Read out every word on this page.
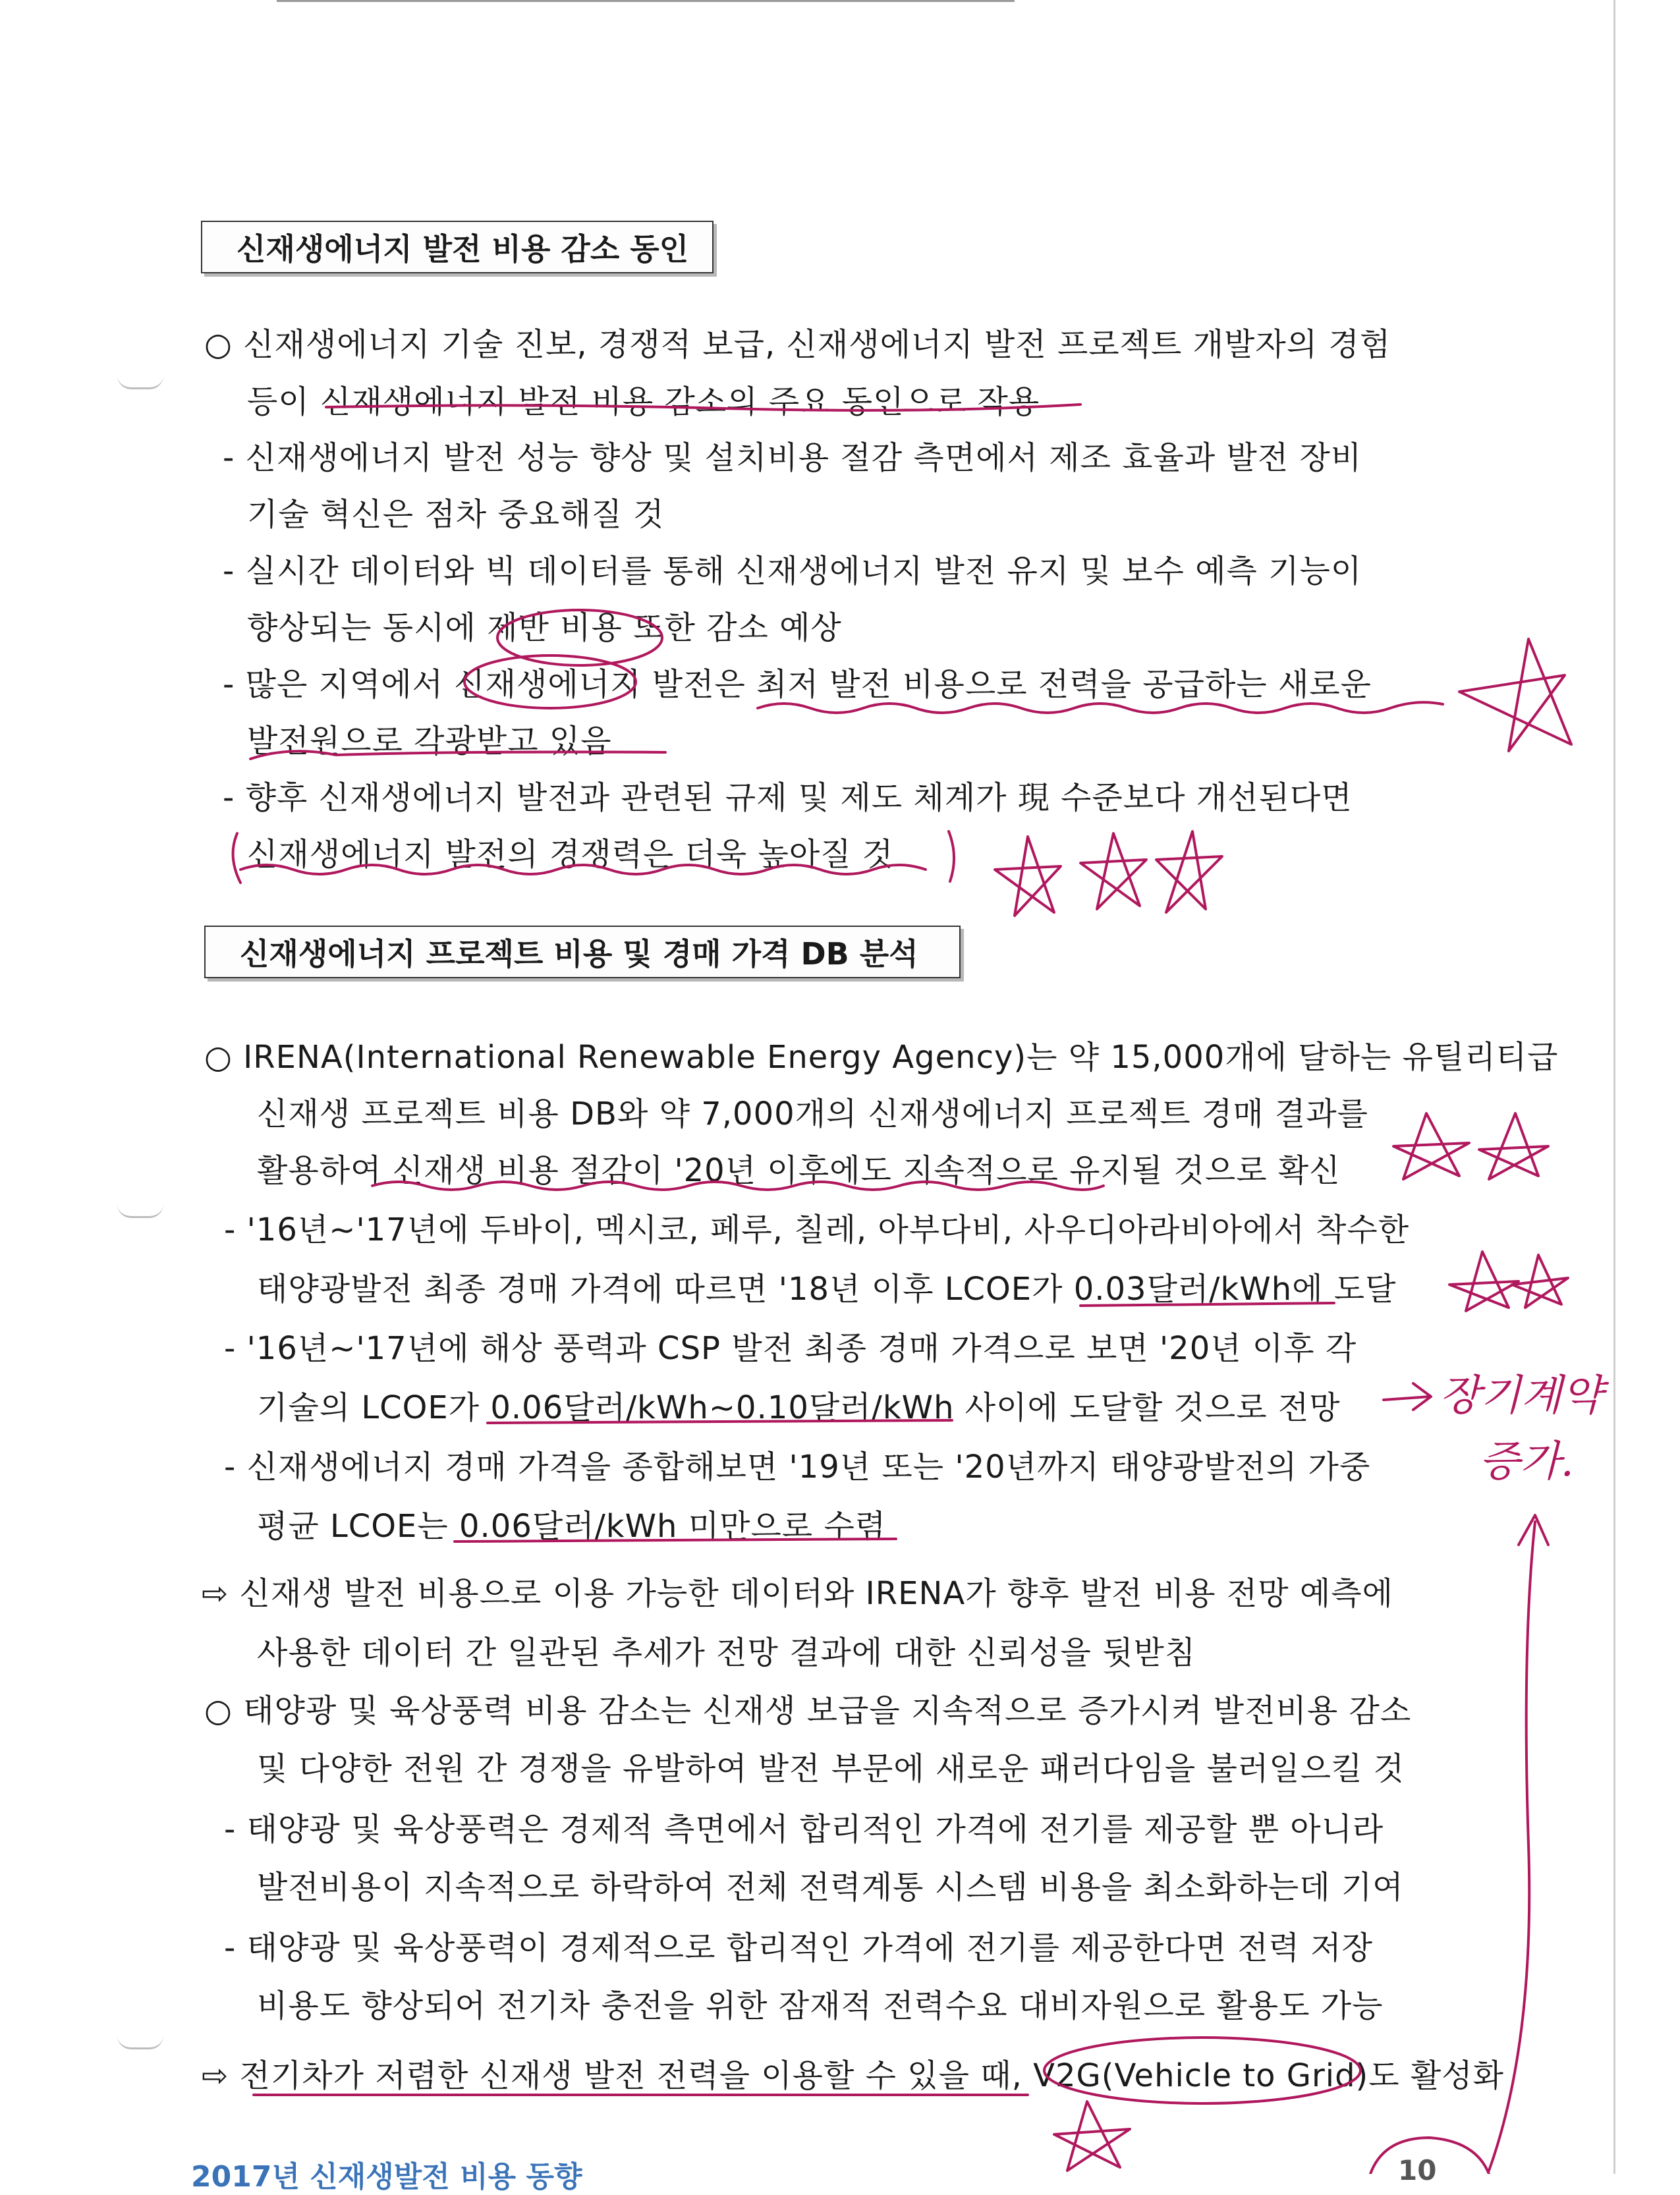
신재생에너지 발전 비용 감소 동인
○ 신재생에너지 기술 진보, 경쟁적 보급, 신재생에너지 발전 프로젝트 개발자의 경험
등이 신재생에너지 발전 비용 감소의 주요 동인으로 작용
- 신재생에너지 발전 성능 향상 및 설치비용 절감 측면에서 제조 효율과 발전 장비
기술 혁신은 점차 중요해질 것
- 실시간 데이터와 빅 데이터를 통해 신재생에너지 발전 유지 및 보수 예측 기능이
향상되는 동시에 제반 비용 또한 감소 예상
- 많은 지역에서 신재생에너지 발전은 최저 발전 비용으로 전력을 공급하는 새로운
발전원으로 각광받고 있음
- 향후 신재생에너지 발전과 관련된 규제 및 제도 체계가 現 수준보다 개선된다면
신재생에너지 발전의 경쟁력은 더욱 높아질 것
신재생에너지 프로젝트 비용 및 경매 가격 DB 분석
○ IRENA(International Renewable Energy Agency)는 약 15,000개에 달하는 유틸리티급
신재생 프로젝트 비용 DB와 약 7,000개의 신재생에너지 프로젝트 경매 결과를
활용하여 신재생 비용 절감이 '20년 이후에도 지속적으로 유지될 것으로 확신
- '16년~'17년에 두바이, 멕시코, 페루, 칠레, 아부다비, 사우디아라비아에서 착수한
태양광발전 최종 경매 가격에 따르면 '18년 이후 LCOE가 0.03달러/kWh에 도달
- '16년~'17년에 해상 풍력과 CSP 발전 최종 경매 가격으로 보면 '20년 이후 각
기술의 LCOE가 0.06달러/kWh~0.10달러/kWh 사이에 도달할 것으로 전망
- 신재생에너지 경매 가격을 종합해보면 '19년 또는 '20년까지 태양광발전의 가중
평균 LCOE는 0.06달러/kWh 미만으로 수렴
⇨ 신재생 발전 비용으로 이용 가능한 데이터와 IRENA가 향후 발전 비용 전망 예측에
사용한 데이터 간 일관된 추세가 전망 결과에 대한 신뢰성을 뒷받침
○ 태양광 및 육상풍력 비용 감소는 신재생 보급을 지속적으로 증가시켜 발전비용 감소
및 다양한 전원 간 경쟁을 유발하여 발전 부문에 새로운 패러다임을 불러일으킬 것
- 태양광 및 육상풍력은 경제적 측면에서 합리적인 가격에 전기를 제공할 뿐 아니라
발전비용이 지속적으로 하락하여 전체 전력계통 시스템 비용을 최소화하는데 기여
- 태양광 및 육상풍력이 경제적으로 합리적인 가격에 전기를 제공한다면 전력 저장
비용도 향상되어 전기차 충전을 위한 잠재적 전력수요 대비자원으로 활용도 가능
⇨ 전기차가 저렴한 신재생 발전 전력을 이용할 수 있을 때, V2G(Vehicle to Grid)도 활성화
2017년 신재생발전 비용 동향	10
장기계약
증가.
